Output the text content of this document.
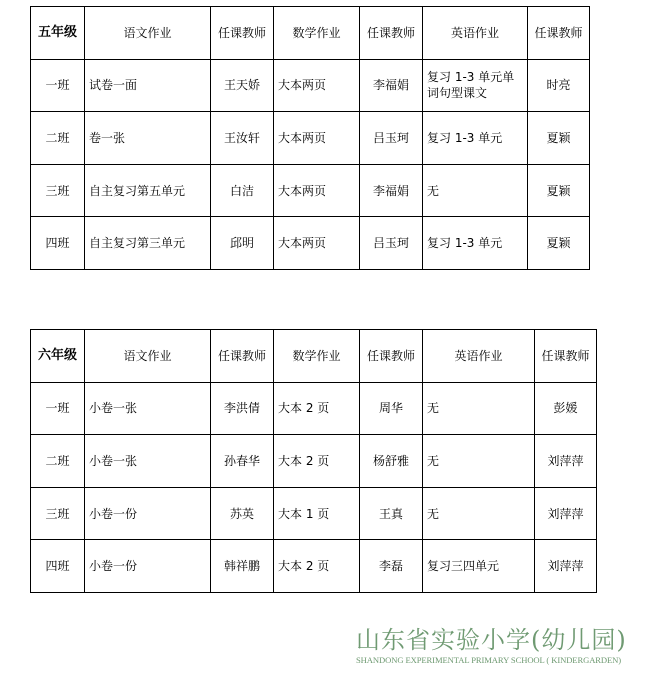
五年级	语文作业	任课教师	数学作业	任课教师	英语作业	任课教师
一班	试卷一面	王天娇	大本两页	李福娟	复习 1-3 单元单词句型课文	时亮
二班	卷一张	王汝轩	大本两页	吕玉珂	复习 1-3 单元	夏颖
三班	自主复习第五单元	白洁	大本两页	李福娟	无	夏颖
四班	自主复习第三单元	邱明	大本两页	吕玉珂	复习 1-3 单元	夏颖
六年级	语文作业	任课教师	数学作业	任课教师	英语作业	任课教师
一班	小卷一张	李洪倩	大本 2 页	周华	无	彭媛
二班	小卷一张	孙春华	大本 2 页	杨舒雅	无	刘萍萍
三班	小卷一份	苏英	大本 1 页	王真	无	刘萍萍
四班	小卷一份	韩祥鹏	大本 2 页	李磊	复习三四单元	刘萍萍
山东省实验小学(幼儿园)
SHANDONG EXPERIMENTAL PRIMARY SCHOOL ( KINDERGARDEN)
